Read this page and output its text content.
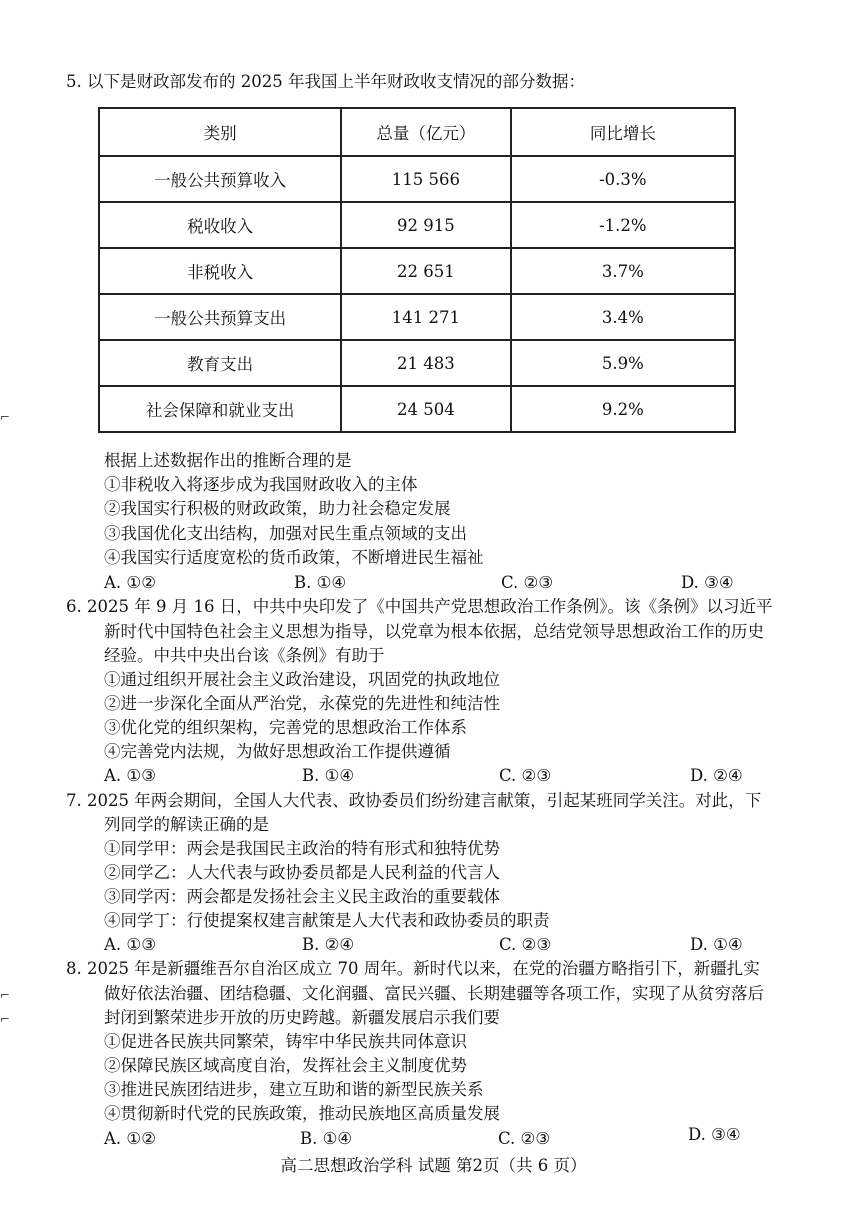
⌐
⌐
⌐
5. 以下是财政部发布的 2025 年我国上半年财政收支情况的部分数据：
类别	总量（亿元）	同比增长
一般公共预算收入	115 566	-0.3%
税收收入	92 915	-1.2%
非税收入	22 651	3.7%
一般公共预算支出	141 271	3.4%
教育支出	21 483	5.9%
社会保障和就业支出	24 504	9.2%
根据上述数据作出的推断合理的是
①非税收入将逐步成为我国财政收入的主体
②我国实行积极的财政政策，助力社会稳定发展
③我国优化支出结构，加强对民生重点领域的支出
④我国实行适度宽松的货币政策，不断增进民生福祉
A. ①②	B. ①④	C. ②③	D. ③④
6. 2025 年 9 月 16 日，中共中央印发了《中国共产党思想政治工作条例》。该《条例》以习近平
新时代中国特色社会主义思想为指导，以党章为根本依据，总结党领导思想政治工作的历史
经验。中共中央出台该《条例》有助于
①通过组织开展社会主义政治建设，巩固党的执政地位
②进一步深化全面从严治党，永葆党的先进性和纯洁性
③优化党的组织架构，完善党的思想政治工作体系
④完善党内法规，为做好思想政治工作提供遵循
A. ①③	B. ①④	C. ②③	D. ②④
7. 2025 年两会期间，全国人大代表、政协委员们纷纷建言献策，引起某班同学关注。对此，下
列同学的解读正确的是
①同学甲：两会是我国民主政治的特有形式和独特优势
②同学乙：人大代表与政协委员都是人民利益的代言人
③同学丙：两会都是发扬社会主义民主政治的重要载体
④同学丁：行使提案权建言献策是人大代表和政协委员的职责
A. ①③	B. ②④	C. ②③	D. ①④
8. 2025 年是新疆维吾尔自治区成立 70 周年。新时代以来，在党的治疆方略指引下，新疆扎实
做好依法治疆、团结稳疆、文化润疆、富民兴疆、长期建疆等各项工作，实现了从贫穷落后
封闭到繁荣进步开放的历史跨越。新疆发展启示我们要
①促进各民族共同繁荣，铸牢中华民族共同体意识
②保障民族区域高度自治，发挥社会主义制度优势
③推进民族团结进步，建立互助和谐的新型民族关系
④贯彻新时代党的民族政策，推动民族地区高质量发展
A. ①②	B. ①④	C. ②③	D. ③④
高二思想政治学科 试题 第2页（共 6 页）
